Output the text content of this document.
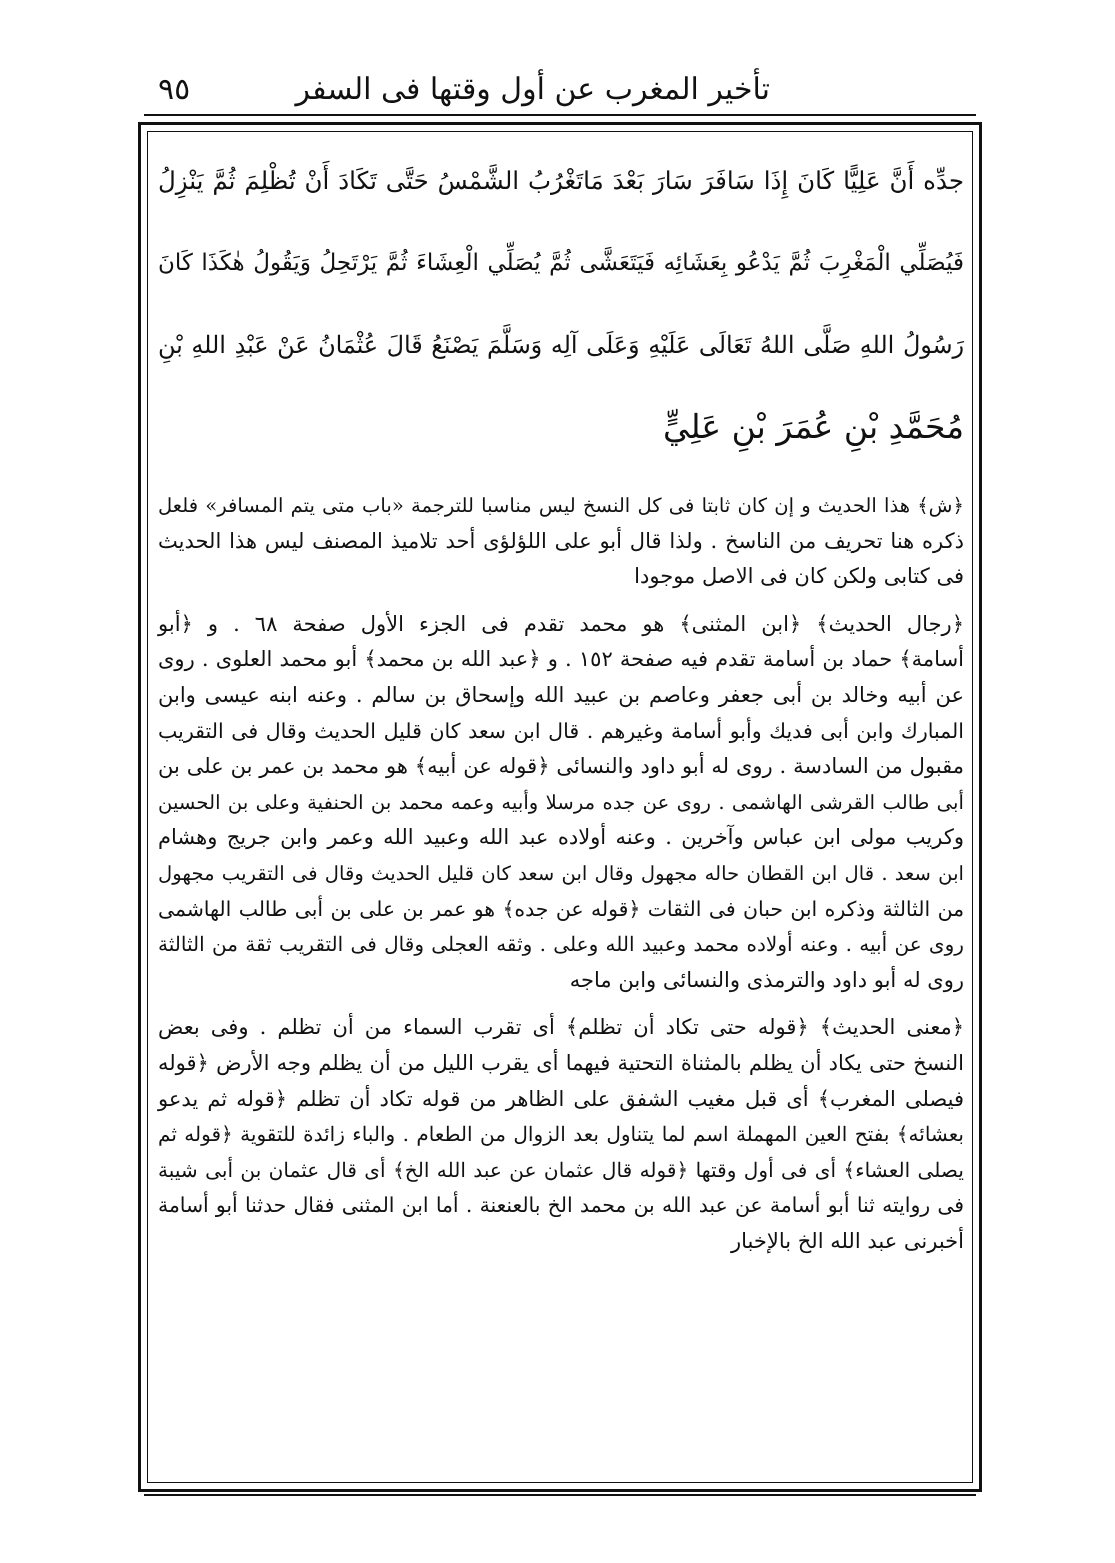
تأخير المغرب عن أول وقتها فى السفر
٩٥
جدِّه أَنَّ عَلِيًّا كَانَ إِذَا سَافَرَ سَارَ بَعْدَ مَاتَغْرُبُ الشَّمْسُ حَتَّى تَكَادَ أَنْ تُظْلِمَ ثُمَّ يَنْزِلُ
فَيُصَلِّي الْمَغْرِبَ ثُمَّ يَدْعُو بِعَشَائِه فَيَتَعَشَّى ثُمَّ يُصَلِّي الْعِشَاءَ ثُمَّ يَرْتَحِلُ وَيَقُولُ هٰكَذَا كَانَ
رَسُولُ اللهِ صَلَّى اللهُ تَعَالَى عَلَيْهِ وَعَلَى آلِه وَسَلَّمَ يَصْنَعُ قَالَ عُثْمَانُ عَنْ عَبْدِ اللهِ بْنِ
مُحَمَّدِ بْنِ عُمَرَ بْنِ عَلِيٍّ
﴿ش﴾ هذا الحديث و إن كان ثابتا فى كل النسخ ليس مناسبا للترجمة «باب متى يتم المسافر» فلعل
ذكره هنا تحريف من الناسخ . ولذا قال أبو على اللؤلؤى أحد تلاميذ المصنف ليس هذا الحديث
فى كتابى ولكن كان فى الاصل موجودا
﴿رجال الحديث﴾ ﴿ابن المثنى﴾ هو محمد تقدم فى الجزء الأول صفحة ٦٨ . و ﴿أبو
أسامة﴾ حماد بن أسامة تقدم فيه صفحة ١٥٢ . و ﴿عبد الله بن محمد﴾ أبو محمد العلوى . روى
عن أبيه وخالد بن أبى جعفر وعاصم بن عبيد الله وإسحاق بن سالم . وعنه ابنه عيسى وابن
المبارك وابن أبى فديك وأبو أسامة وغيرهم . قال ابن سعد كان قليل الحديث وقال فى التقريب
مقبول من السادسة . روى له أبو داود والنسائى ﴿قوله عن أبيه﴾ هو محمد بن عمر بن على بن
أبى طالب القرشى الهاشمى . روى عن جده مرسلا وأبيه وعمه محمد بن الحنفية وعلى بن الحسين
وكريب مولى ابن عباس وآخرين . وعنه أولاده عبد الله وعبيد الله وعمر وابن جريج وهشام
ابن سعد . قال ابن القطان حاله مجهول وقال ابن سعد كان قليل الحديث وقال فى التقريب مجهول
من الثالثة وذكره ابن حبان فى الثقات ﴿قوله عن جده﴾ هو عمر بن على بن أبى طالب الهاشمى
روى عن أبيه . وعنه أولاده محمد وعبيد الله وعلى . وثقه العجلى وقال فى التقريب ثقة من الثالثة
روى له أبو داود والترمذى والنسائى وابن ماجه
﴿معنى الحديث﴾ ﴿قوله حتى تكاد أن تظلم﴾ أى تقرب السماء من أن تظلم . وفى بعض
النسخ حتى يكاد أن يظلم بالمثناة التحتية فيهما أى يقرب الليل من أن يظلم وجه الأرض ﴿قوله
فيصلى المغرب﴾ أى قبل مغيب الشفق على الظاهر من قوله تكاد أن تظلم ﴿قوله ثم يدعو
بعشائه﴾ بفتح العين المهملة اسم لما يتناول بعد الزوال من الطعام . والباء زائدة للتقوية ﴿قوله ثم
يصلى العشاء﴾ أى فى أول وقتها ﴿قوله قال عثمان عن عبد الله الخ﴾ أى قال عثمان بن أبى شيبة
فى روايته ثنا أبو أسامة عن عبد الله بن محمد الخ بالعنعنة . أما ابن المثنى فقال حدثنا أبو أسامة
أخبرنى عبد الله الخ بالإخبار
